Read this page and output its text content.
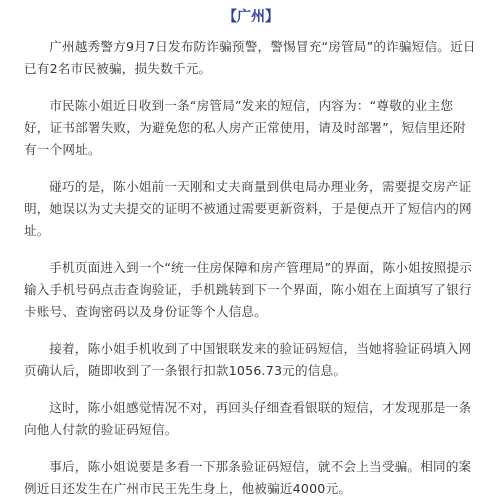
【广州】

广州越秀警方9月7日发布防诈骗预警，警惕冒充“房管局”的诈骗短信。近日已有2名市民被骗，损失数千元。

市民陈小姐近日收到一条“房管局”发来的短信，内容为：“尊敬的业主您好，证书部署失败，为避免您的私人房产正常使用，请及时部署”，短信里还附有一个网址。

碰巧的是，陈小姐前一天刚和丈夫商量到供电局办理业务，需要提交房产证明，她误以为丈夫提交的证明不被通过需要更新资料，于是便点开了短信内的网址。

手机页面进入到一个“统一住房保障和房产管理局”的界面，陈小姐按照提示输入手机号码点击查询验证，手机跳转到下一个界面，陈小姐在上面填写了银行卡账号、查询密码以及身份证等个人信息。

接着，陈小姐手机收到了中国银联发来的验证码短信，当她将验证码填入网页确认后，随即收到了一条银行扣款1056.73元的信息。

这时，陈小姐感觉情况不对，再回头仔细查看银联的短信，才发现那是一条向他人付款的验证码短信。

事后，陈小姐说要是多看一下那条验证码短信，就不会上当受骗。相同的案例近日还发生在广州市民王先生身上，他被骗近4000元。
